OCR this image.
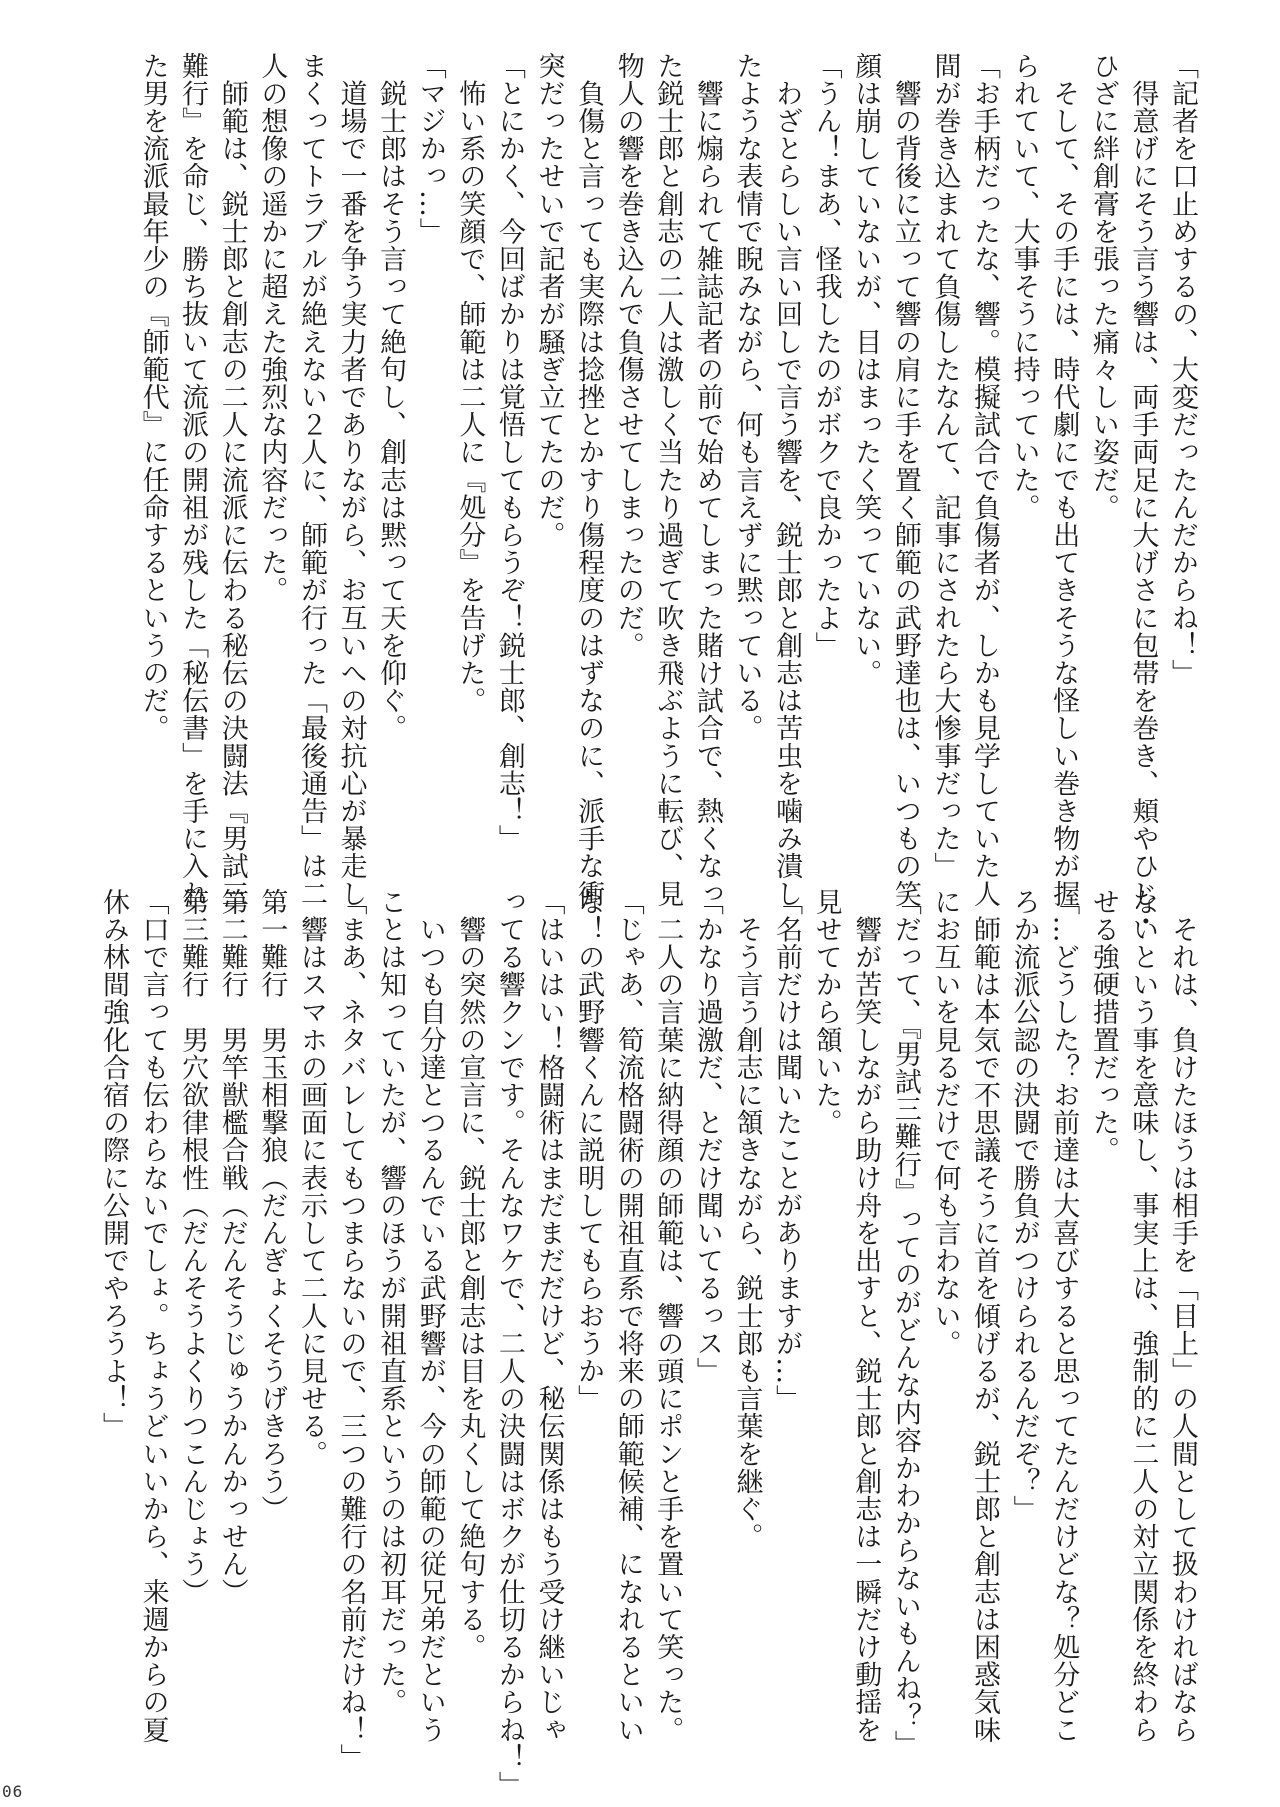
「記者を口止めするの、大変だったんだからね！」

　得意げにそう言う響は、両手両足に大げさに包帯を巻き、頬やひじ・

ひざに絆創膏を張った痛々しい姿だ。

　そして、その手には、時代劇にでも出てきそうな怪しい巻き物が握

られていて、大事そうに持っていた。

「お手柄だったな、響。模擬試合で負傷者が、しかも見学していた人

間が巻き込まれて負傷したなんて、記事にされたら大惨事だった」

　響の背後に立って響の肩に手を置く師範の武野達也は、いつもの笑

顔は崩していないが、目はまったく笑っていない。

「うん！まあ、怪我したのがボクで良かったよ」

　わざとらしい言い回しで言う響を、鋭士郎と創志は苦虫を噛み潰し

たような表情で睨みながら、何も言えずに黙っている。

　響に煽られて雑誌記者の前で始めてしまった賭け試合で、熱くなっ

た鋭士郎と創志の二人は激しく当たり過ぎて吹き飛ぶように転び、見

物人の響を巻き込んで負傷させてしまったのだ。

　負傷と言っても実際は捻挫とかすり傷程度のはずなのに、派手な衝

突だったせいで記者が騒ぎ立てたのだ。

「とにかく、今回ばかりは覚悟してもらうぞ！鋭士郎、創志！」

　怖い系の笑顔で、師範は二人に『処分』を告げた。

「マジかっ…」

　鋭士郎はそう言って絶句し、創志は黙って天を仰ぐ。

　道場で一番を争う実力者でありながら、お互いへの対抗心が暴走し

まくってトラブルが絶えない２人に、師範が行った「最後通告」は二

人の想像の遥かに超えた強烈な内容だった。

　師範は、鋭士郎と創志の二人に流派に伝わる秘伝の決闘法『男試三

難行』を命じ、勝ち抜いて流派の開祖が残した「秘伝書」を手に入れ

た男を流派最年少の『師範代』に任命するというのだ。

　それは、負けたほうは相手を「目上」の人間として扱わければなら

ないという事を意味し、事実上は、強制的に二人の対立関係を終わら

せる強硬措置だった。

「…どうした？お前達は大喜びすると思ってたんだけどな？処分どこ

ろか流派公認の決闘で勝負がつけられるんだぞ？」

　師範は本気で不思議そうに首を傾げるが、鋭士郎と創志は困惑気味

にお互いを見るだけで何も言わない。

「だって、『男試三難行』ってのがどんな内容かわからないもんね？」

　響が苦笑しながら助け舟を出すと、鋭士郎と創志は一瞬だけ動揺を

見せてから頷いた。

「名前だけは聞いたことがありますが…」

　そう言う創志に頷きながら、鋭士郎も言葉を継ぐ。

「かなり過激だ、とだけ聞いてるっス」

　二人の言葉に納得顔の師範は、響の頭にポンと手を置いて笑った。

「じゃあ、筍流格闘術の開祖直系で将来の師範候補、になれるといい

な！の武野響くんに説明してもらおうか」

「はいはい！格闘術はまだまだだけど、秘伝関係はもう受け継いじゃ

ってる響クンです。そんなワケで、二人の決闘はボクが仕切るからね！」

　響の突然の宣言に、鋭士郎と創志は目を丸くして絶句する。

　いつも自分達とつるんでいる武野響が、今の師範の従兄弟だという

ことは知っていたが、響のほうが開祖直系というのは初耳だった。

「まあ、ネタバレしてもつまらないので、三つの難行の名前だけね！」

　響はスマホの画面に表示して二人に見せる。

第一難行　男玉相撃狼（だんぎょくそうげきろう）

第二難行　男竿獣檻合戦（だんそうじゅうかんかっせん）

第三難行　男穴欲律根性（だんそうよくりつこんじょう）

「口で言っても伝わらないでしょ。ちょうどいいから、来週からの夏

休み林間強化合宿の際に公開でやろうよ！」

06
